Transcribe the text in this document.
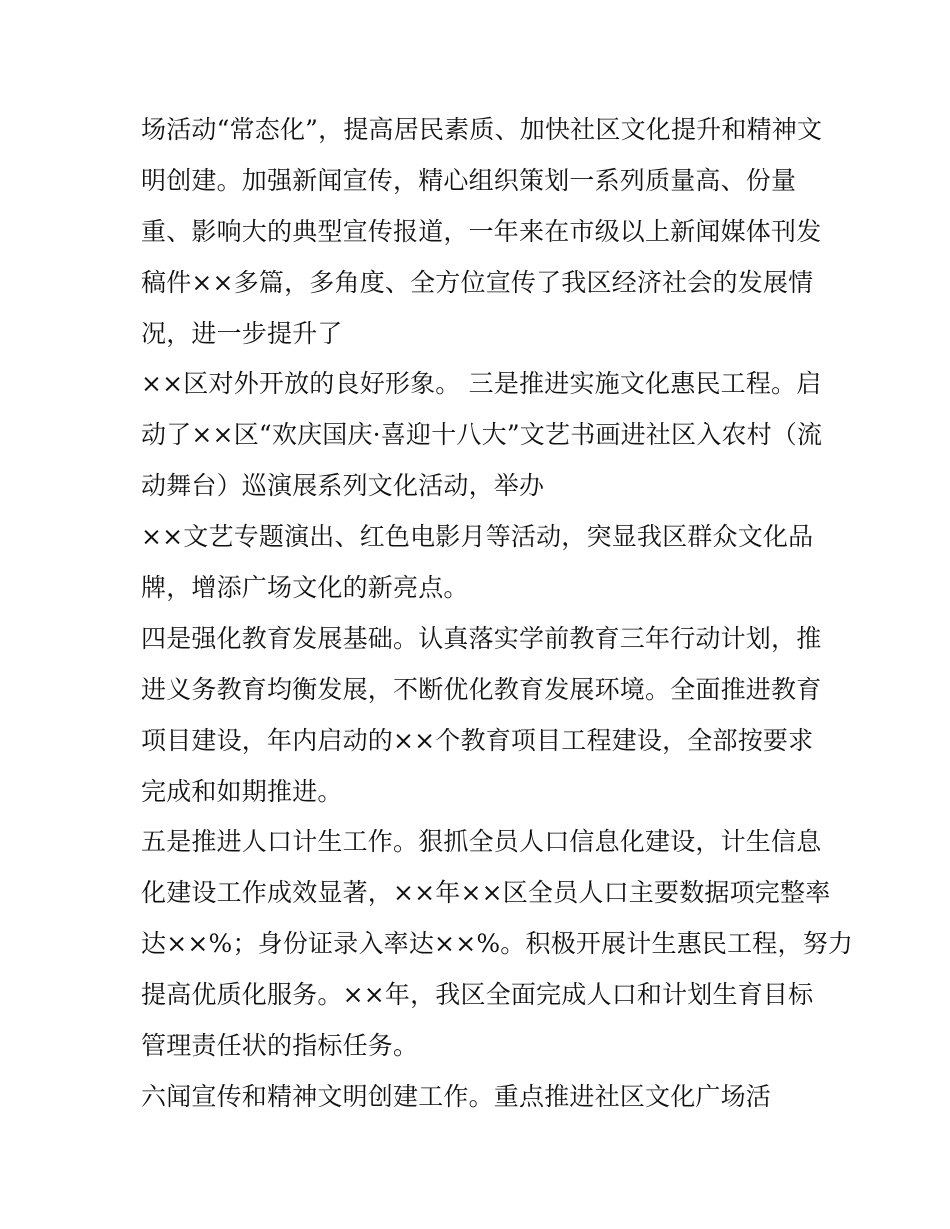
场活动“常态化”，提高居民素质、加快社区文化提升和精神文
明创建。加强新闻宣传，精心组织策划一系列质量高、份量
重、影响大的典型宣传报道，一年来在市级以上新闻媒体刊发
稿件××多篇，多角度、全方位宣传了我区经济社会的发展情
况，进一步提升了
××区对外开放的良好形象。 三是推进实施文化惠民工程。启
动了××区“欢庆国庆·喜迎十八大”文艺书画进社区入农村（流
动舞台）巡演展系列文化活动，举办
××文艺专题演出、红色电影月等活动，突显我区群众文化品
牌，增添广场文化的新亮点。
四是强化教育发展基础。认真落实学前教育三年行动计划，推
进义务教育均衡发展，不断优化教育发展环境。全面推进教育
项目建设，年内启动的××个教育项目工程建设，全部按要求
完成和如期推进。
五是推进人口计生工作。狠抓全员人口信息化建设，计生信息
化建设工作成效显著，××年××区全员人口主要数据项完整率
达××%；身份证录入率达××%。积极开展计生惠民工程，努力
提高优质化服务。××年，我区全面完成人口和计划生育目标
管理责任状的指标任务。
六闻宣传和精神文明创建工作。重点推进社区文化广场活
